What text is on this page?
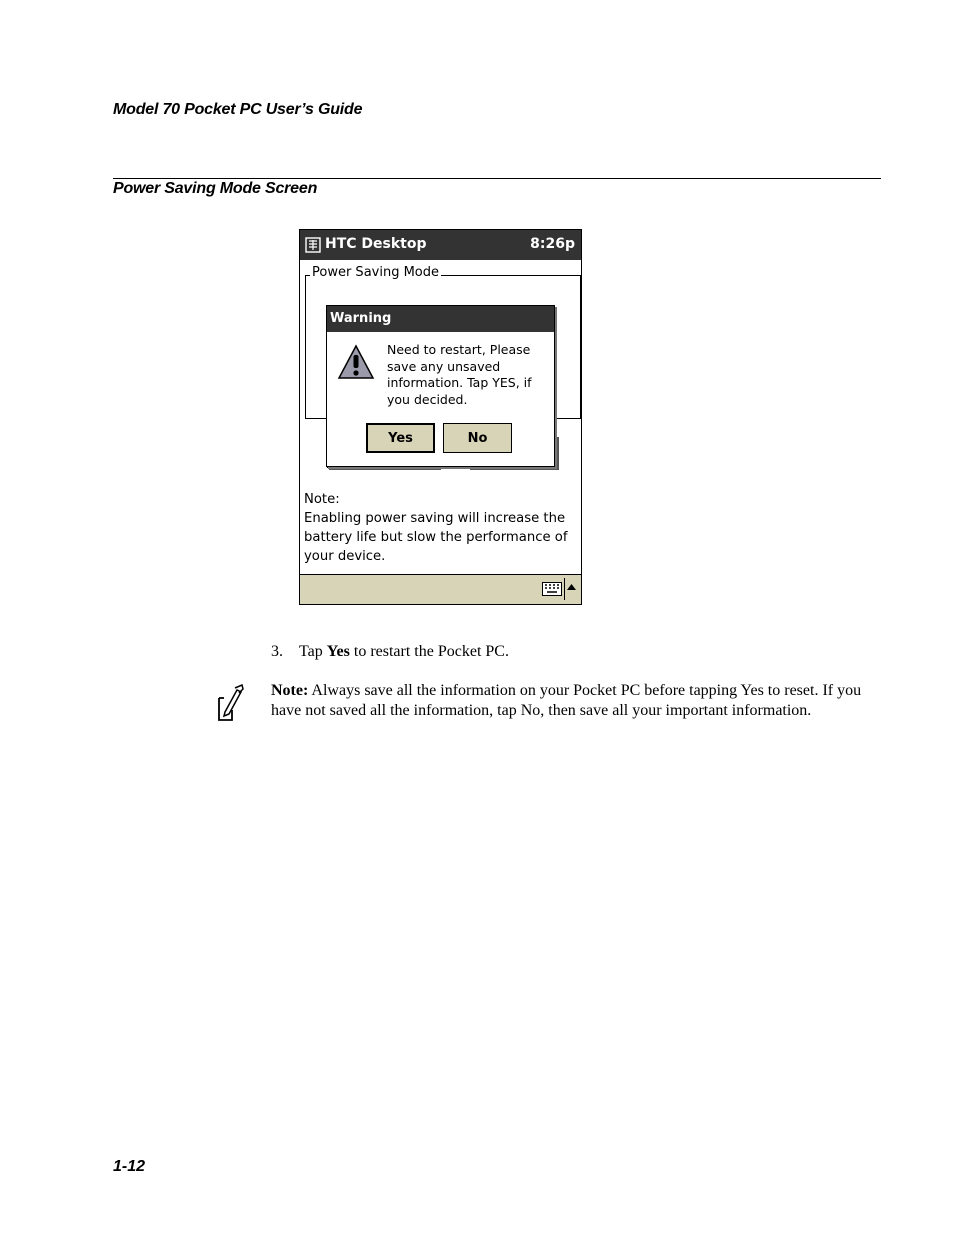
Model 70 Pocket PC User’s Guide
Power Saving Mode Screen
HTC Desktop	8:26p
Power Saving Mode
Warning
Need to restart, Please save any unsaved information. Tap YES, if you decided.
Yes	No
Note:
Enabling power saving will increase the battery life but slow the performance of your device.
3. Tap Yes to restart the Pocket PC.
Note: Always save all the information on your Pocket PC before tapping Yes to reset. If you have not saved all the information, tap No, then save all your important information.
1-12
